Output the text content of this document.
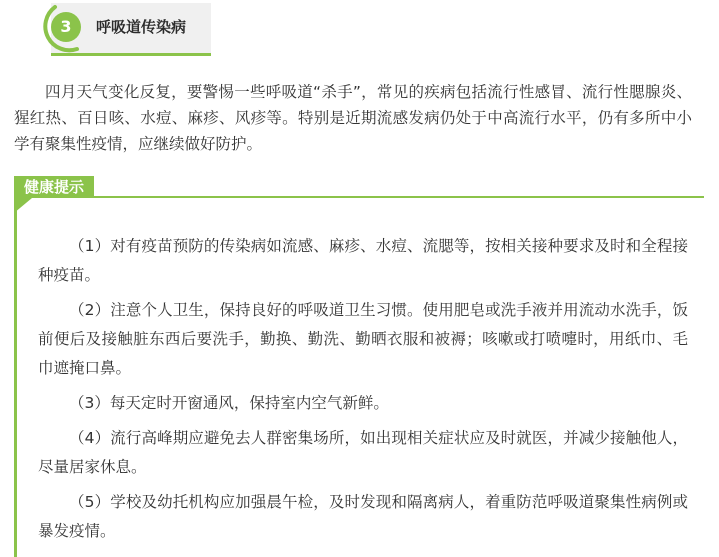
3	呼吸道传染病

四月天气变化反复，要警惕一些呼吸道“杀手”，常见的疾病包括流行性感冒、流行性腮腺炎、猩红热、百日咳、水痘、麻疹、风疹等。特别是近期流感发病仍处于中高流行水平，仍有多所中小学有聚集性疫情，应继续做好防护。

健康提示
（1）对有疫苗预防的传染病如流感、麻疹、水痘、流腮等，按相关接种要求及时和全程接种疫苗。
（2）注意个人卫生，保持良好的呼吸道卫生习惯。使用肥皂或洗手液并用流动水洗手，饭前便后及接触脏东西后要洗手，勤换、勤洗、勤晒衣服和被褥；咳嗽或打喷嚏时，用纸巾、毛巾遮掩口鼻。
（3）每天定时开窗通风，保持室内空气新鲜。
（4）流行高峰期应避免去人群密集场所，如出现相关症状应及时就医，并减少接触他人，尽量居家休息。
（5）学校及幼托机构应加强晨午检，及时发现和隔离病人，着重防范呼吸道聚集性病例或暴发疫情。
